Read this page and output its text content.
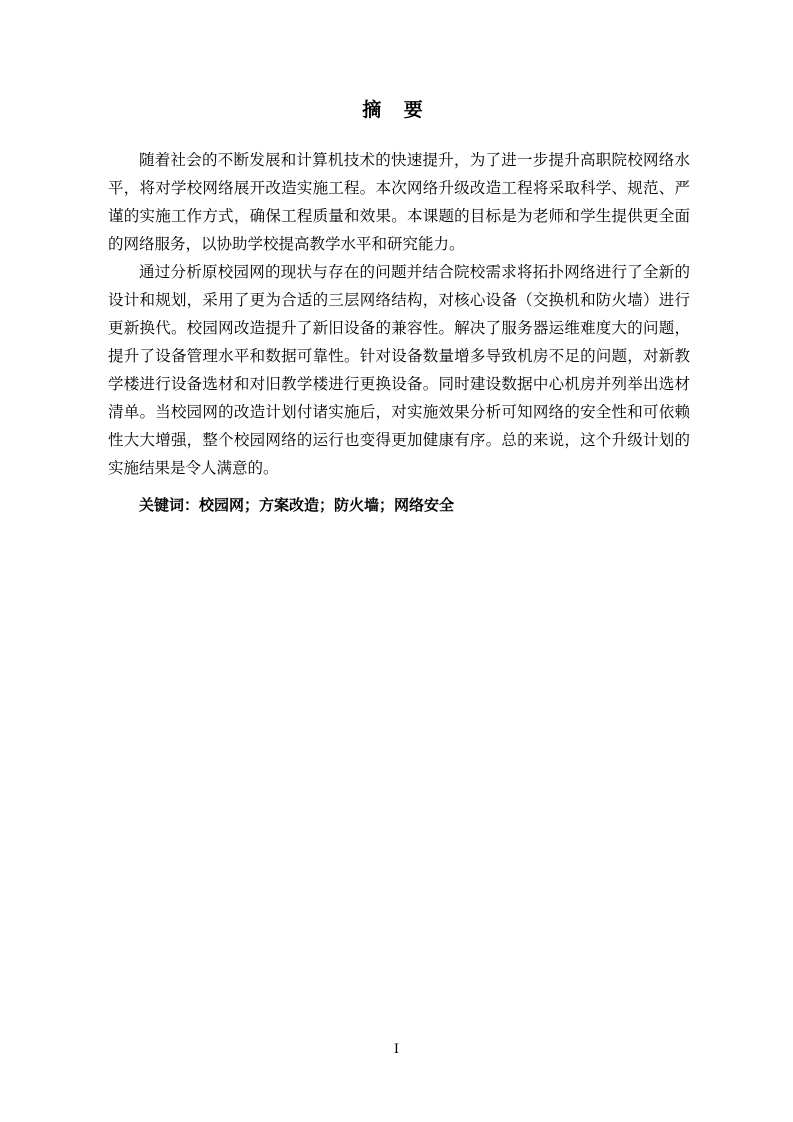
摘 要

随着社会的不断发展和计算机技术的快速提升，为了进一步提升高职院校网络水平，将对学校网络展开改造实施工程。本次网络升级改造工程将采取科学、规范、严谨的实施工作方式，确保工程质量和效果。本课题的目标是为老师和学生提供更全面的网络服务，以协助学校提高教学水平和研究能力。

通过分析原校园网的现状与存在的问题并结合院校需求将拓扑网络进行了全新的设计和规划，采用了更为合适的三层网络结构，对核心设备（交换机和防火墙）进行更新换代。校园网改造提升了新旧设备的兼容性。解决了服务器运维难度大的问题，提升了设备管理水平和数据可靠性。针对设备数量增多导致机房不足的问题，对新教学楼进行设备选材和对旧教学楼进行更换设备。同时建设数据中心机房并列举出选材清单。当校园网的改造计划付诸实施后，对实施效果分析可知网络的安全性和可依赖性大大增强，整个校园网络的运行也变得更加健康有序。总的来说，这个升级计划的实施结果是令人满意的。

关键词：校园网；方案改造；防火墙；网络安全
I
